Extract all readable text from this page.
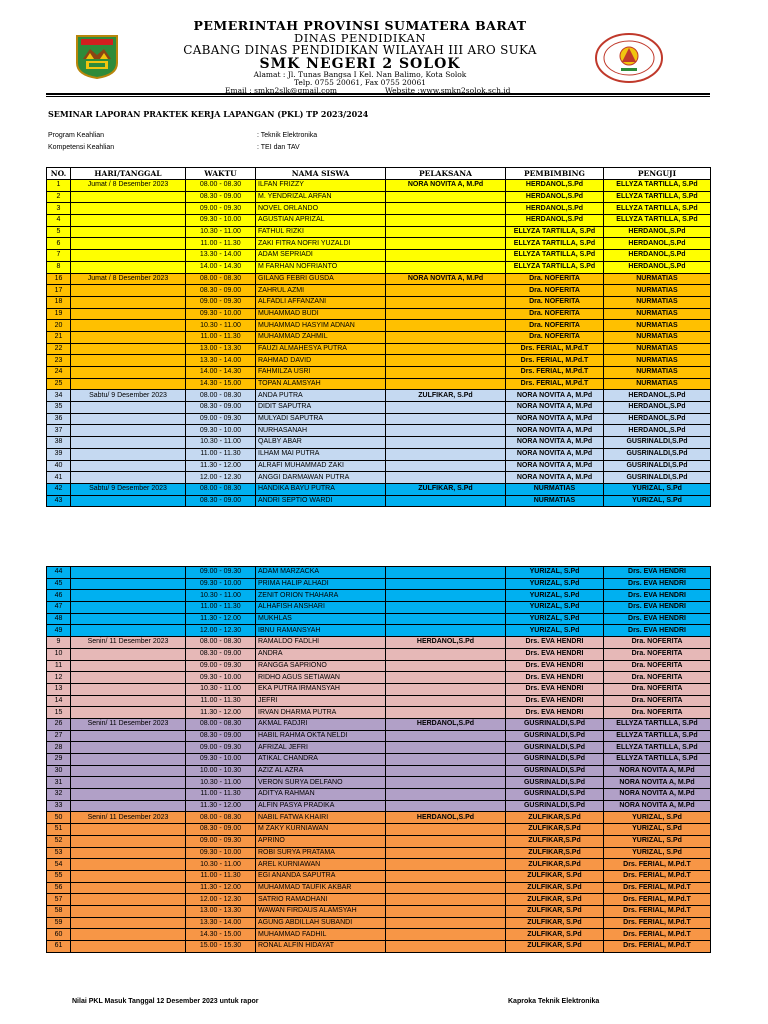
PEMERINTAH PROVINSI SUMATERA BARAT
DINAS PENDIDIKAN
CABANG DINAS PENDIDIKAN WILAYAH III ARO SUKA
SMK NEGERI 2 SOLOK
Alamat : Jl. Tunas Bangsa I Kel. Nan Balimo, Kota Solok
Telp. 0755 20061, Fax 0755 20061
Email : smkn2slk@gmail.com	Website :www.smkn2solok.sch.id
SEMINAR LAPORAN PRAKTEK KERJA LAPANGAN (PKL) TP 2023/2024
Program Keahlian	: Teknik Elektronika
Kompetensi Keahlian	: TEI dan TAV
NO.	HARI/TANGGAL	WAKTU	NAMA SISWA	PELAKSANA	PEMBIMBING	PENGUJI
1	Jumat / 8 Desember 2023	08.00 - 08.30	ILFAN FRIZZY	NORA NOVITA A, M.Pd	HERDANOL,S.Pd	ELLYZA TARTILLA, S.Pd
2		08.30 - 09.00	M. YENDRIZAL ARFAN		HERDANOL,S.Pd	ELLYZA TARTILLA, S.Pd
3		09.00 - 09.30	NOVEL ORLANDO		HERDANOL,S.Pd	ELLYZA TARTILLA, S.Pd
4		09.30 - 10.00	AGUSTIAN APRIZAL		HERDANOL,S.Pd	ELLYZA TARTILLA, S.Pd
5		10.30 - 11.00	FATHUL RIZKI		ELLYZA TARTILLA, S.Pd	HERDANOL,S.Pd
6		11.00 - 11.30	ZAKI FITRA NOFRI YUZALDI		ELLYZA TARTILLA, S.Pd	HERDANOL,S.Pd
7		13.30 - 14.00	ADAM SEPRIADI		ELLYZA TARTILLA, S.Pd	HERDANOL,S.Pd
8		14.00 - 14.30	M FARHAN NOFRIANTO		ELLYZA TARTILLA, S.Pd	HERDANOL,S.Pd
16	Jumat / 8 Desember 2023	08.00 - 08.30	GILANG FEBRI GUSDA	NORA NOVITA A, M.Pd	Dra. NOFERITA	NURMATIAS
17		08.30 - 09.00	ZAHRUL AZMI		Dra. NOFERITA	NURMATIAS
18		09.00 - 09.30	ALFADLI AFFANZANI		Dra. NOFERITA	NURMATIAS
19		09.30 - 10.00	MUHAMMAD BUDI		Dra. NOFERITA	NURMATIAS
20		10.30 - 11.00	MUHAMMAD HASYIM ADNAN		Dra. NOFERITA	NURMATIAS
21		11.00 - 11.30	MUHAMMAD ZAHMIL		Dra. NOFERITA	NURMATIAS
22		13.00 - 13.30	FAUZI ALMAHESYA PUTRA		Drs. FERIAL, M.Pd.T	NURMATIAS
23		13.30 - 14.00	RAHMAD DAVID		Drs. FERIAL, M.Pd.T	NURMATIAS
24		14.00 - 14.30	FAHMILZA USRI		Drs. FERIAL, M.Pd.T	NURMATIAS
25		14.30 - 15.00	TOPAN ALAMSYAH		Drs. FERIAL, M.Pd.T	NURMATIAS
34	Sabtu/ 9 Desember 2023	08.00 - 08.30	ANDA PUTRA	ZULFIKAR, S.Pd	NORA NOVITA A, M.Pd	HERDANOL,S.Pd
35		08.30 - 09.00	DIDIT SAPUTRA		NORA NOVITA A, M.Pd	HERDANOL,S.Pd
36		09.00 - 09.30	MULYADI SAPUTRA		NORA NOVITA A, M.Pd	HERDANOL,S.Pd
37		09.30 - 10.00	NURHASANAH		NORA NOVITA A, M.Pd	HERDANOL,S.Pd
38		10.30 - 11.00	QALBY ABAR		NORA NOVITA A, M.Pd	GUSRINALDI,S.Pd
39		11.00 - 11.30	ILHAM MAI PUTRA		NORA NOVITA A, M.Pd	GUSRINALDI,S.Pd
40		11.30 - 12.00	ALRAFI MUHAMMAD ZAKI		NORA NOVITA A, M.Pd	GUSRINALDI,S.Pd
41		12.00 - 12.30	ANGGI DARMAWAN PUTRA		NORA NOVITA A, M.Pd	GUSRINALDI,S.Pd
42	Sabtu/ 9 Desember 2023	08.00 - 08.30	HANDIKA BAYU PUTRA	ZULFIKAR, S.Pd	NURMATIAS	YURIZAL, S.Pd
43		08.30 - 09.00	ANDRI SEPTIO WARDI		NURMATIAS	YURIZAL, S.Pd
44		09.00 - 09.30	ADAM MARZACKA		YURIZAL, S.Pd	Drs. EVA HENDRI
45		09.30 - 10.00	PRIMA HALIP ALHADI		YURIZAL, S.Pd	Drs. EVA HENDRI
46		10.30 - 11.00	ZENIT ORION THAHARA		YURIZAL, S.Pd	Drs. EVA HENDRI
47		11.00 - 11.30	ALHAFISH ANSHARI		YURIZAL, S.Pd	Drs. EVA HENDRI
48		11.30 - 12.00	MUKHLAS		YURIZAL, S.Pd	Drs. EVA HENDRI
49		12.00 - 12.30	IBNU RAMANSYAH		YURIZAL, S.Pd	Drs. EVA HENDRI
9	Senin/ 11 Desember 2023	08.00 - 08.30	RAMALDO FADLHI	HERDANOL,S.Pd	Drs. EVA HENDRI	Dra. NOFERITA
10		08.30 - 09.00	ANDRA		Drs. EVA HENDRI	Dra. NOFERITA
11		09.00 - 09.30	RANGGA SAPRIONO		Drs. EVA HENDRI	Dra. NOFERITA
12		09.30 - 10.00	RIDHO AGUS SETIAWAN		Drs. EVA HENDRI	Dra. NOFERITA
13		10.30 - 11.00	EKA PUTRA IRMANSYAH		Drs. EVA HENDRI	Dra. NOFERITA
14		11.00 - 11.30	JEFRI		Drs. EVA HENDRI	Dra. NOFERITA
15		11.30 - 12.00	IRVAN DHARMA PUTRA		Drs. EVA HENDRI	Dra. NOFERITA
26	Senin/ 11 Desember 2023	08.00 - 08.30	AKMAL FADJRI	HERDANOL,S.Pd	GUSRINALDI,S.Pd	ELLYZA TARTILLA, S.Pd
27		08.30 - 09.00	HABIL RAHMA OKTA NELDI		GUSRINALDI,S.Pd	ELLYZA TARTILLA, S.Pd
28		09.00 - 09.30	AFRIZAL JEFRI		GUSRINALDI,S.Pd	ELLYZA TARTILLA, S.Pd
29		09.30 - 10.00	ATIKAL CHANDRA		GUSRINALDI,S.Pd	ELLYZA TARTILLA, S.Pd
30		10.00 - 10.30	AZIZ AL AZRA		GUSRINALDI,S.Pd	NORA NOVITA A, M.Pd
31		10.30 - 11.00	VERON SURYA DELFANO		GUSRINALDI,S.Pd	NORA NOVITA A, M.Pd
32		11.00 - 11.30	ADITYA RAHMAN		GUSRINALDI,S.Pd	NORA NOVITA A, M.Pd
33		11.30 - 12.00	ALFIN PASYA PRADIKA		GUSRINALDI,S.Pd	NORA NOVITA A, M.Pd
50	Senin/ 11 Desember 2023	08.00 - 08.30	NABIL FATWA KHAIRI	HERDANOL,S.Pd	ZULFIKAR,S.Pd	YURIZAL, S.Pd
51		08.30 - 09.00	M ZAKY KURNIAWAN		ZULFIKAR,S.Pd	YURIZAL, S.Pd
52		09.00 - 09.30	APRINO		ZULFIKAR,S.Pd	YURIZAL, S.Pd
53		09.30 - 10.00	ROBI SURYA PRATAMA		ZULFIKAR,S.Pd	YURIZAL, S.Pd
54		10.30 - 11.00	AREL KURNIAWAN		ZULFIKAR,S.Pd	Drs. FERIAL, M.Pd.T
55		11.00 - 11.30	EGI ANANDA SAPUTRA		ZULFIKAR, S.Pd	Drs. FERIAL, M.Pd.T
56		11.30 - 12.00	MUHAMMAD TAUFIK AKBAR		ZULFIKAR, S.Pd	Drs. FERIAL, M.Pd.T
57		12.00 - 12.30	SATRIO RAMADHANI		ZULFIKAR, S.Pd	Drs. FERIAL, M.Pd.T
58		13.00 - 13.30	WAWAN FIRDAUS ALAMSYAH		ZULFIKAR, S.Pd	Drs. FERIAL, M.Pd.T
59		13.30 - 14.00	AGUNG ABDILLAH SUBANDI		ZULFIKAR, S.Pd	Drs. FERIAL, M.Pd.T
60		14.30 - 15.00	MUHAMMAD FADHIL		ZULFIKAR, S.Pd	Drs. FERIAL, M.Pd.T
61		15.00 - 15.30	RONAL ALFIN HIDAYAT		ZULFIKAR, S.Pd	Drs. FERIAL, M.Pd.T
Nilai PKL Masuk Tanggal 12 Desember 2023 untuk rapor	Kaproka Teknik Elektronika
